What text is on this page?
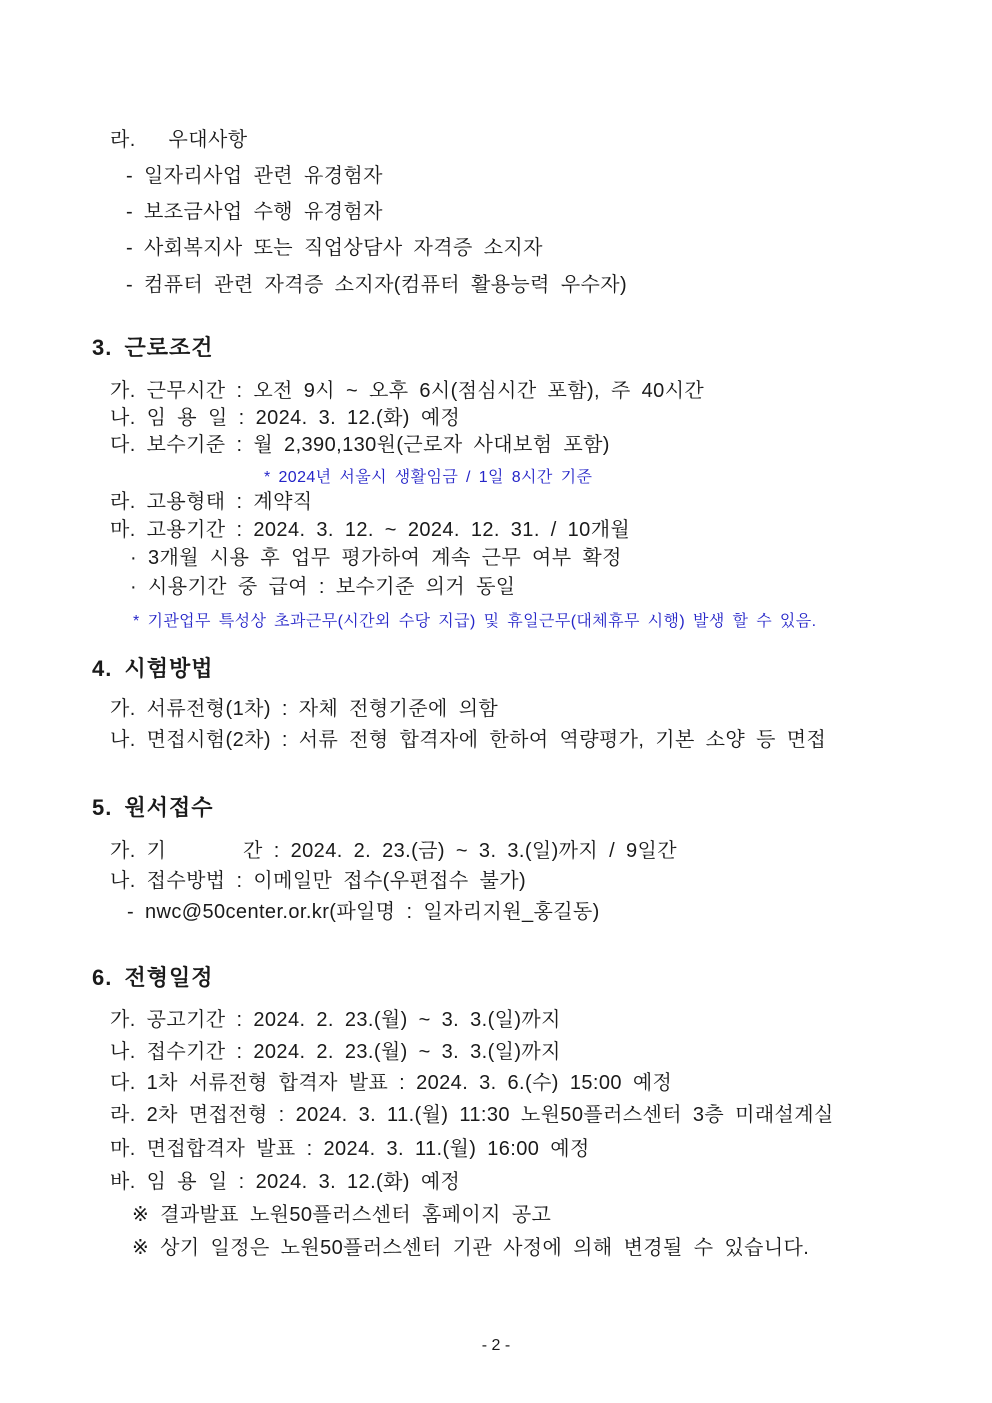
라.   우대사항
- 일자리사업 관련 유경험자
- 보조금사업 수행 유경험자
- 사회복지사 또는 직업상담사 자격증 소지자
- 컴퓨터 관련 자격증 소지자(컴퓨터 활용능력 우수자)
3. 근로조건
가. 근무시간 : 오전 9시 ~ 오후 6시(점심시간 포함), 주 40시간
나. 임 용 일 : 2024. 3. 12.(화) 예정
다. 보수기준 : 월 2,390,130원(근로자 사대보험 포함)
* 2024년 서울시 생활임금 / 1일 8시간 기준
라. 고용형태 : 계약직
마. 고용기간 : 2024. 3. 12. ~ 2024. 12. 31. / 10개월
· 3개월 시용 후 업무 평가하여 계속 근무 여부 확정
· 시용기간 중 급여 : 보수기준 의거 동일
* 기관업무 특성상 초과근무(시간외 수당 지급) 및 휴일근무(대체휴무 시행) 발생 할 수 있음.
4. 시험방법
가. 서류전형(1차) : 자체 전형기준에 의함
나. 면접시험(2차) : 서류 전형 합격자에 한하여 역량평가, 기본 소양 등 면접
5. 원서접수
가. 기       간 : 2024. 2. 23.(금) ~ 3. 3.(일)까지 / 9일간
나. 접수방법 : 이메일만 접수(우편접수 불가)
- nwc@50center.or.kr(파일명 : 일자리지원_홍길동)
6. 전형일정
가. 공고기간 : 2024. 2. 23.(월) ~ 3. 3.(일)까지
나. 접수기간 : 2024. 2. 23.(월) ~ 3. 3.(일)까지
다. 1차 서류전형 합격자 발표 : 2024. 3. 6.(수) 15:00 예정
라. 2차 면접전형 : 2024. 3. 11.(월) 11:30 노원50플러스센터 3층 미래설계실
마. 면접합격자 발표 : 2024. 3. 11.(월) 16:00 예정
바. 임 용 일 : 2024. 3. 12.(화) 예정
※ 결과발표 노원50플러스센터 홈페이지 공고
※ 상기 일정은 노원50플러스센터 기관 사정에 의해 변경될 수 있습니다.
- 2 -
